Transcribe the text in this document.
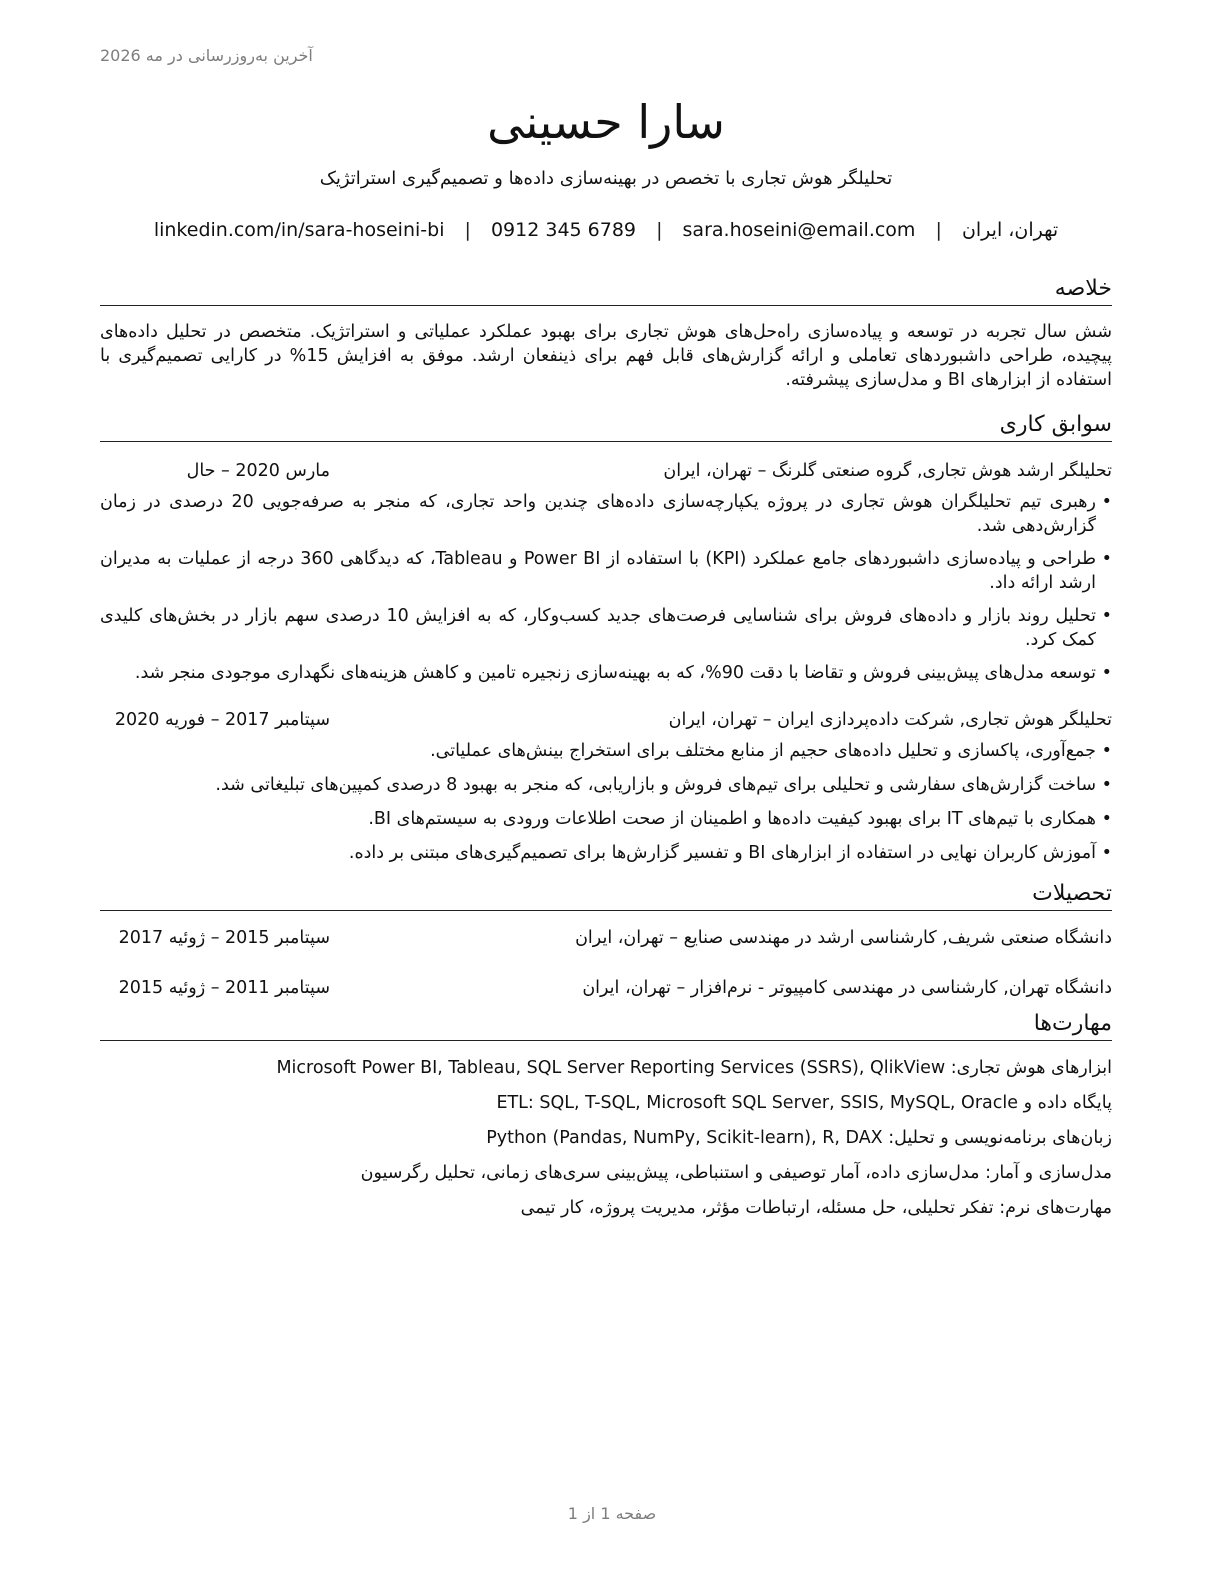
آخرین به‌روزرسانی در مه 2026
سارا حسینی
تحلیلگر هوش تجاری با تخصص در بهینه‌سازی داده‌ها و تصمیم‌گیری استراتژیک
تهران، ایران | sara.hoseini@email.com | 0912 345 6789 | linkedin.com/in/sara-hoseini-bi
خلاصه
شش سال تجربه در توسعه و پیاده‌سازی راه‌حل‌های هوش تجاری برای بهبود عملکرد عملیاتی و استراتژیک. متخصص در تحلیل داده‌های پیچیده، طراحی داشبوردهای تعاملی و ارائه گزارش‌های قابل فهم برای ذینفعان ارشد. موفق به افزایش 15% در کارایی تصمیم‌گیری با استفاده از ابزارهای BI و مدل‌سازی پیشرفته.
سوابق کاری
تحلیلگر ارشد هوش تجاری, گروه صنعتی گلرنگ – تهران، ایران
مارس 2020 – حال
• رهبری تیم تحلیلگران هوش تجاری در پروژه یکپارچه‌سازی داده‌های چندین واحد تجاری، که منجر به صرفه‌جویی 20 درصدی در زمان گزارش‌دهی شد.
• طراحی و پیاده‌سازی داشبوردهای جامع عملکرد (KPI) با استفاده از Power BI و Tableau، که دیدگاهی 360 درجه از عملیات به مدیران ارشد ارائه داد.
• تحلیل روند بازار و داده‌های فروش برای شناسایی فرصت‌های جدید کسب‌وکار، که به افزایش 10 درصدی سهم بازار در بخش‌های کلیدی کمک کرد.
• توسعه مدل‌های پیش‌بینی فروش و تقاضا با دقت 90%، که به بهینه‌سازی زنجیره تامین و کاهش هزینه‌های نگهداری موجودی منجر شد.
تحلیلگر هوش تجاری, شرکت داده‌پردازی ایران – تهران، ایران
سپتامبر 2017 – فوریه 2020
• جمع‌آوری، پاکسازی و تحلیل داده‌های حجیم از منابع مختلف برای استخراج بینش‌های عملیاتی.
• ساخت گزارش‌های سفارشی و تحلیلی برای تیم‌های فروش و بازاریابی، که منجر به بهبود 8 درصدی کمپین‌های تبلیغاتی شد.
• همکاری با تیم‌های IT برای بهبود کیفیت داده‌ها و اطمینان از صحت اطلاعات ورودی به سیستم‌های BI.
• آموزش کاربران نهایی در استفاده از ابزارهای BI و تفسیر گزارش‌ها برای تصمیم‌گیری‌های مبتنی بر داده.
تحصیلات
دانشگاه صنعتی شریف, کارشناسی ارشد در مهندسی صنایع – تهران، ایران
سپتامبر 2015 – ژوئیه 2017
دانشگاه تهران, کارشناسی در مهندسی کامپیوتر - نرم‌افزار – تهران، ایران
سپتامبر 2011 – ژوئیه 2015
مهارت‌ها
ابزارهای هوش تجاری: Microsoft Power BI, Tableau, SQL Server Reporting Services (SSRS), QlikView
پایگاه داده و ETL: SQL, T-SQL, Microsoft SQL Server, SSIS, MySQL, Oracle
زبان‌های برنامه‌نویسی و تحلیل: Python (Pandas, NumPy, Scikit-learn), R, DAX
مدل‌سازی و آمار: مدل‌سازی داده، آمار توصیفی و استنباطی، پیش‌بینی سری‌های زمانی، تحلیل رگرسیون
مهارت‌های نرم: تفکر تحلیلی، حل مسئله، ارتباطات مؤثر، مدیریت پروژه، کار تیمی
صفحه 1 از 1
